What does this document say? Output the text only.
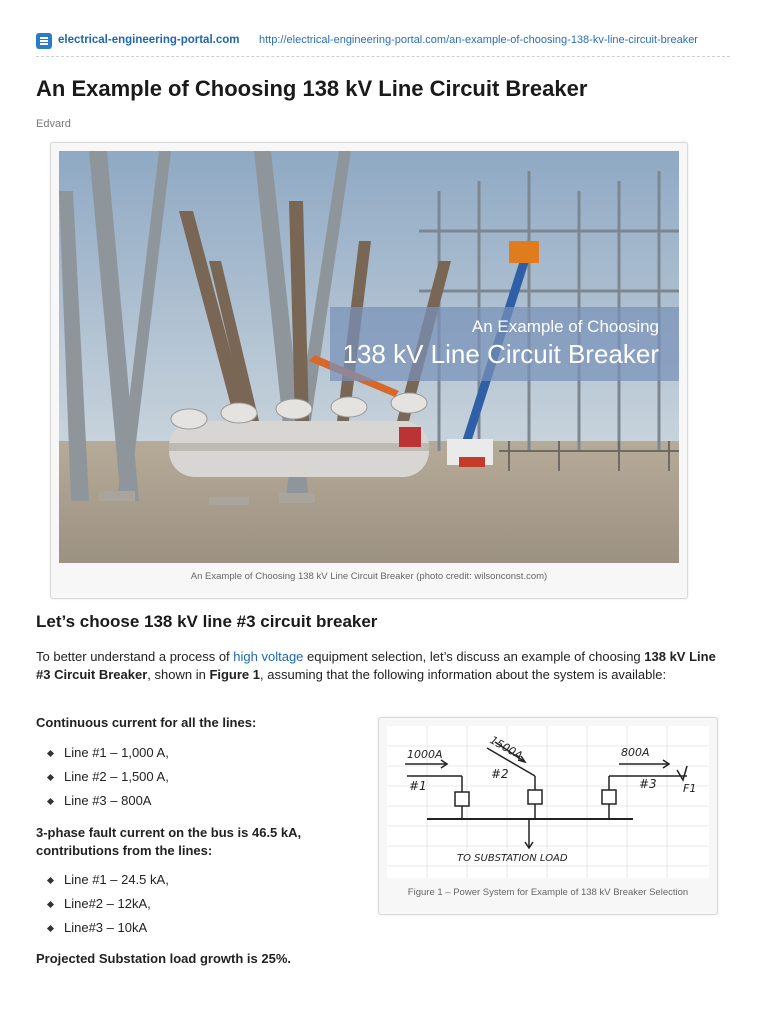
electrical-engineering-portal.com http://electrical-engineering-portal.com/an-example-of-choosing-138-kv-line-circuit-breaker
An Example of Choosing 138 kV Line Circuit Breaker
Edvard
An Example of Choosing
138 kV Line Circuit Breaker
An Example of Choosing 138 kV Line Circuit Breaker (photo credit: wilsonconst.com)
Let’s choose 138 kV line #3 circuit breaker

To better understand a process of high voltage equipment selection, let’s discuss an example of choosing 138 kV Line #3 Circuit Breaker, shown in Figure 1, assuming that the following information about the system is available:

Continuous current for all the lines:
Line #1 – 1,000 A,
Line #2 – 1,500 A,
Line #3 – 800A
3-phase fault current on the bus is 46.5 kA,
contributions from the lines:
Line #1 – 24.5 kA,
Line#2 – 12kA,
Line#3 – 10kA
Projected Substation load growth is 25%.
1000A	1500A	800A
#1
#2
#3 F1
TO SUBSTATION LOAD
Figure 1 – Power System for Example of 138 kV Breaker Selection
